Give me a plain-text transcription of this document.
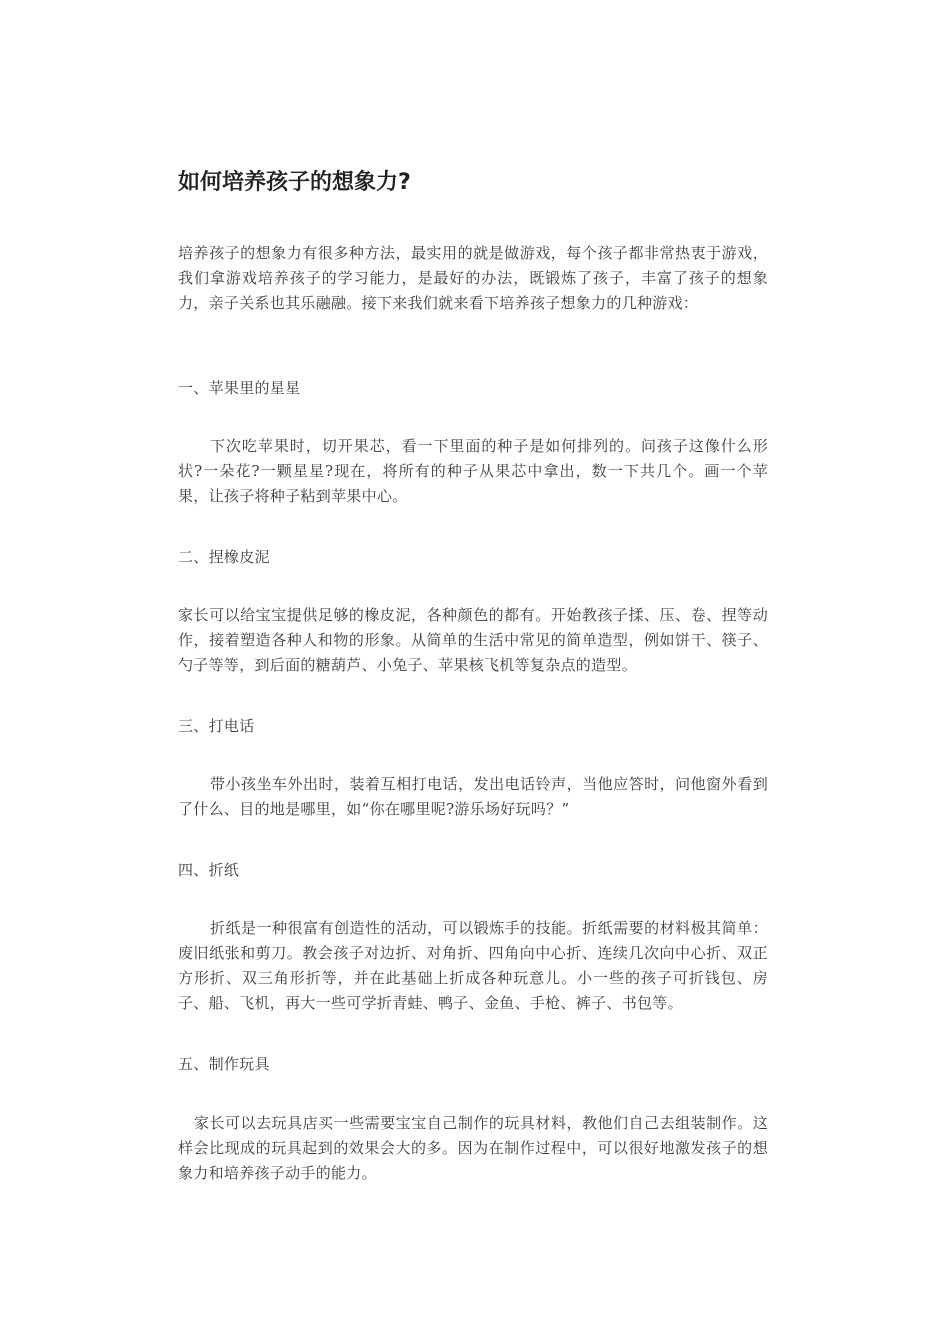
如何培养孩子的想象力?

培养孩子的想象力有很多种方法，最实用的就是做游戏，每个孩子都非常热衷于游戏，我们拿游戏培养孩子的学习能力，是最好的办法，既锻炼了孩子，丰富了孩子的想象力，亲子关系也其乐融融。接下来我们就来看下培养孩子想象力的几种游戏：

一、苹果里的星星

下次吃苹果时，切开果芯，看一下里面的种子是如何排列的。问孩子这像什么形状?一朵花?一颗星星?现在，将所有的种子从果芯中拿出，数一下共几个。画一个苹果，让孩子将种子粘到苹果中心。

二、捏橡皮泥

家长可以给宝宝提供足够的橡皮泥，各种颜色的都有。开始教孩子揉、压、卷、捏等动作，接着塑造各种人和物的形象。从简单的生活中常见的简单造型，例如饼干、筷子、勺子等等，到后面的糖葫芦、小兔子、苹果核飞机等复杂点的造型。

三、打电话

带小孩坐车外出时，装着互相打电话，发出电话铃声，当他应答时，问他窗外看到了什么、目的地是哪里，如“你在哪里呢?游乐场好玩吗？”

四、折纸

折纸是一种很富有创造性的活动，可以锻炼手的技能。折纸需要的材料极其简单：废旧纸张和剪刀。教会孩子对边折、对角折、四角向中心折、连续几次向中心折、双正方形折、双三角形折等，并在此基础上折成各种玩意儿。小一些的孩子可折钱包、房子、船、飞机，再大一些可学折青蛙、鸭子、金鱼、手枪、裤子、书包等。

五、制作玩具

家长可以去玩具店买一些需要宝宝自己制作的玩具材料，教他们自己去组装制作。这样会比现成的玩具起到的效果会大的多。因为在制作过程中，可以很好地激发孩子的想象力和培养孩子动手的能力。
